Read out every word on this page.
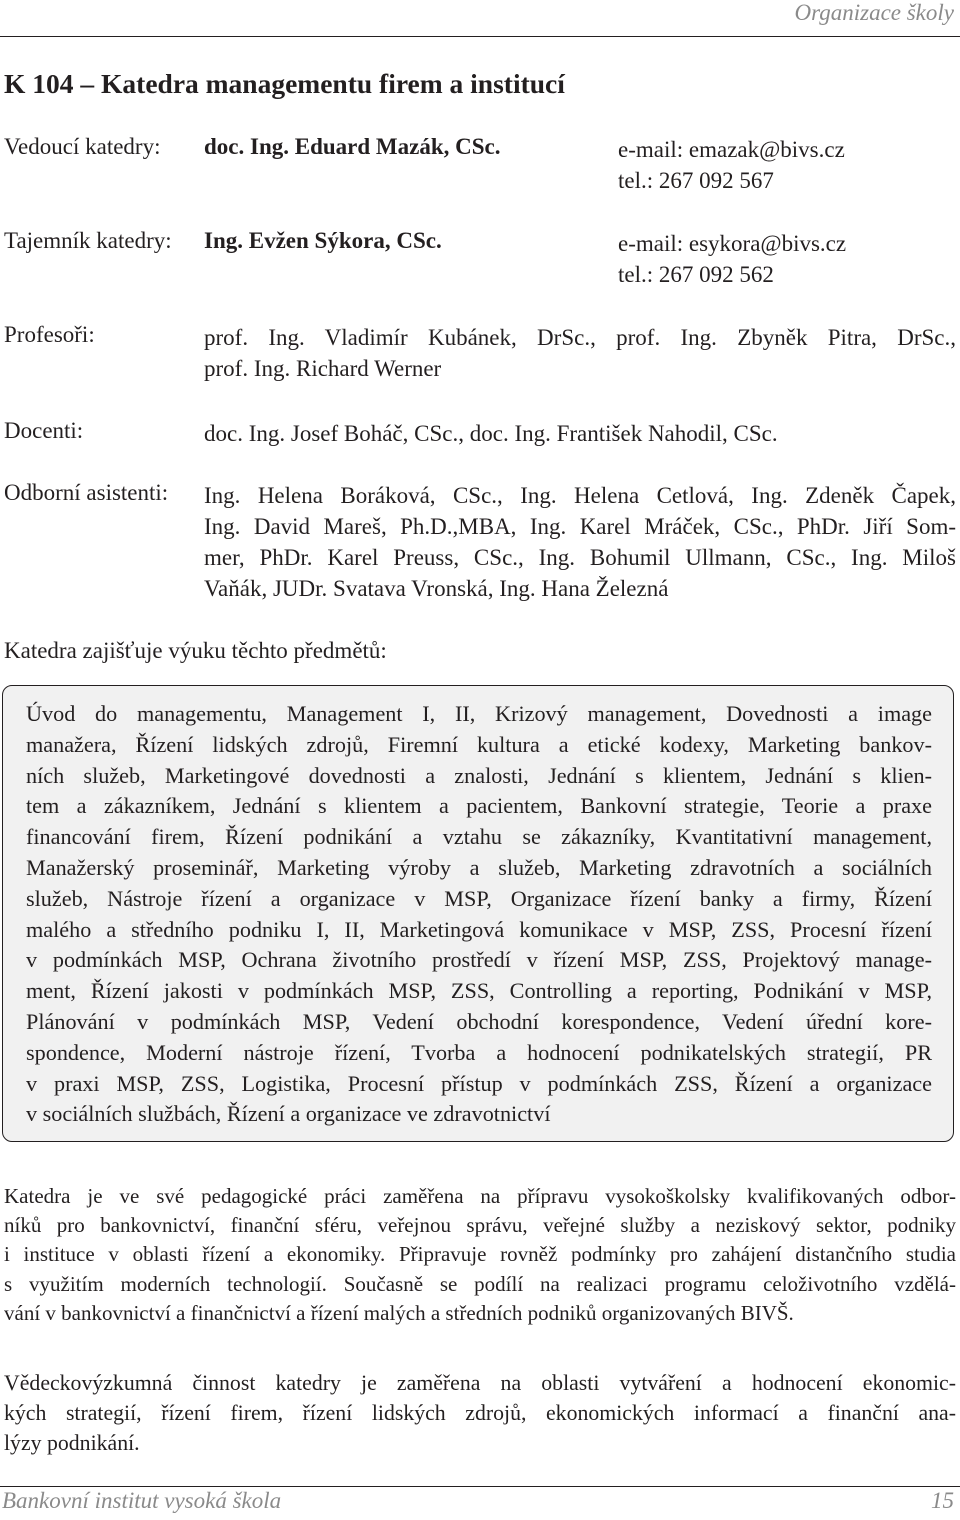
Organizace školy
K 104 – Katedra managementu firem a institucí
Vedoucí katedry: doc. Ing. Eduard Mazák, CSc.	e-mail: emazak@bivs.cz
tel.: 267 092 567
Tajemník katedry: Ing. Evžen Sýkora, CSc.	e-mail: esykora@bivs.cz
tel.: 267 092 562
Profesoři:	prof. Ing. Vladimír Kubánek, DrSc., prof. Ing. Zbyněk Pitra, DrSc.,
prof. Ing. Richard Werner
Docenti:	doc. Ing. Josef Boháč, CSc., doc. Ing. František Nahodil, CSc.
Odborní asistenti: Ing. Helena Boráková, CSc., Ing. Helena Cetlová, Ing. Zdeněk Čapek,
Ing. David Mareš, Ph.D.,MBA, Ing. Karel Mráček, CSc., PhDr. Jiří Som-
mer, PhDr. Karel Preuss, CSc., Ing. Bohumil Ullmann, CSc., Ing. Miloš
Vaňák, JUDr. Svatava Vronská, Ing. Hana Železná
Katedra zajišťuje výuku těchto předmětů:
Úvod do managementu, Management I, II, Krizový management, Dovednosti a image
manažera, Řízení lidských zdrojů, Firemní kultura a etické kodexy, Marketing bankov-
ních služeb, Marketingové dovednosti a znalosti, Jednání s klientem, Jednání s klien-
tem a zákazníkem, Jednání s klientem a pacientem, Bankovní strategie, Teorie a praxe
financování firem, Řízení podnikání a vztahu se zákazníky, Kvantitativní management,
Manažerský proseminář, Marketing výroby a služeb, Marketing zdravotních a sociálních
služeb, Nástroje řízení a organizace v MSP, Organizace řízení banky a firmy, Řízení
malého a středního podniku I, II, Marketingová komunikace v MSP, ZSS, Procesní řízení
v podmínkách MSP, Ochrana životního prostředí v řízení MSP, ZSS, Projektový manage-
ment, Řízení jakosti v podmínkách MSP, ZSS, Controlling a reporting, Podnikání v MSP,
Plánování v podmínkách MSP, Vedení obchodní korespondence, Vedení úřední kore-
spondence, Moderní nástroje řízení, Tvorba a hodnocení podnikatelských strategií, PR
v praxi MSP, ZSS, Logistika, Procesní přístup v podmínkách ZSS, Řízení a organizace
v sociálních službách, Řízení a organizace ve zdravotnictví
Katedra je ve své pedagogické práci zaměřena na přípravu vysokoškolsky kvalifikovaných odbor-
níků pro bankovnictví, finanční sféru, veřejnou správu, veřejné služby a neziskový sektor, podniky
i instituce v oblasti řízení a ekonomiky. Připravuje rovněž podmínky pro zahájení distančního studia
s využitím moderních technologií. Současně se podílí na realizaci programu celoživotního vzdělá-
vání v bankovnictví a finančnictví a řízení malých a středních podniků organizovaných BIVŠ.
Vědeckovýzkumná činnost katedry je zaměřena na oblasti vytváření a hodnocení ekonomic-
kých strategií, řízení firem, řízení lidských zdrojů, ekonomických informací a finanční ana-
lýzy podnikání.
Bankovní institut vysoká škola	15
